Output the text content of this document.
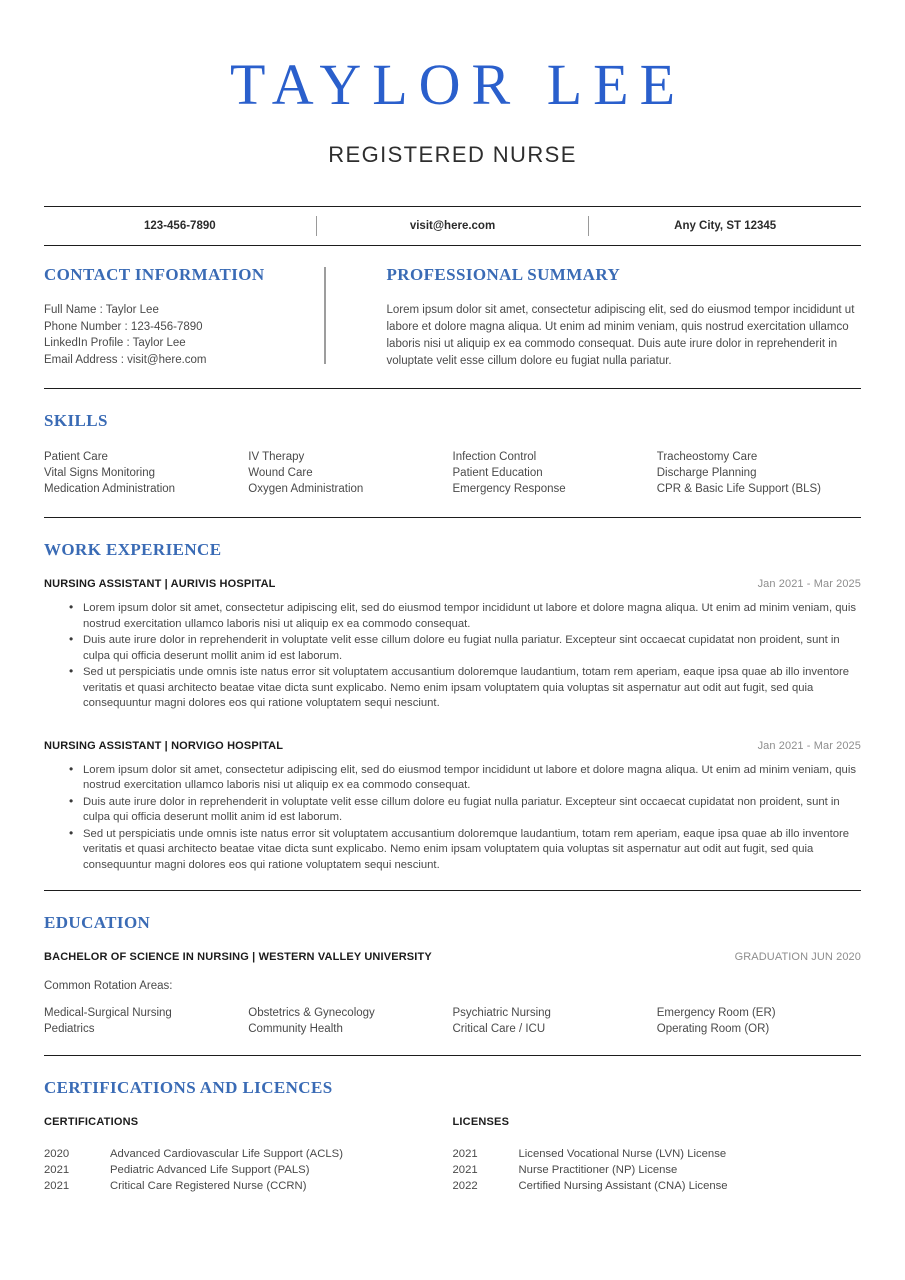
TAYLOR LEE
REGISTERED NURSE
123-456-7890	visit@here.com	Any City, ST 12345
CONTACT INFORMATION
Full Name : Taylor Lee
Phone Number : 123-456-7890
LinkedIn Profile : Taylor Lee
Email Address : visit@here.com
PROFESSIONAL SUMMARY

Lorem ipsum dolor sit amet, consectetur adipiscing elit, sed do eiusmod tempor incididunt ut labore et dolore magna aliqua. Ut enim ad minim veniam, quis nostrud exercitation ullamco laboris nisi ut aliquip ex ea commodo consequat. Duis aute irure dolor in reprehenderit in voluptate velit esse cillum dolore eu fugiat nulla pariatur.

SKILLS
Patient Care	IV Therapy	Infection Control	Tracheostomy Care
Vital Signs Monitoring	Wound Care	Patient Education	Discharge Planning
Medication Administration	Oxygen Administration	Emergency Response	CPR & Basic Life Support (BLS)
WORK EXPERIENCE
NURSING ASSISTANT | AURIVIS HOSPITAL	Jan 2021 - Mar 2025
• Lorem ipsum dolor sit amet, consectetur adipiscing elit, sed do eiusmod tempor incididunt ut labore et dolore magna aliqua. Ut enim ad minim veniam, quis nostrud exercitation ullamco laboris nisi ut aliquip ex ea commodo consequat.
• Duis aute irure dolor in reprehenderit in voluptate velit esse cillum dolore eu fugiat nulla pariatur. Excepteur sint occaecat cupidatat non proident, sunt in culpa qui officia deserunt mollit anim id est laborum.
• Sed ut perspiciatis unde omnis iste natus error sit voluptatem accusantium doloremque laudantium, totam rem aperiam, eaque ipsa quae ab illo inventore veritatis et quasi architecto beatae vitae dicta sunt explicabo. Nemo enim ipsam voluptatem quia voluptas sit aspernatur aut odit aut fugit, sed quia consequuntur magni dolores eos qui ratione voluptatem sequi nesciunt.
NURSING ASSISTANT | NORVIGO HOSPITAL	Jan 2021 - Mar 2025
• Lorem ipsum dolor sit amet, consectetur adipiscing elit, sed do eiusmod tempor incididunt ut labore et dolore magna aliqua. Ut enim ad minim veniam, quis nostrud exercitation ullamco laboris nisi ut aliquip ex ea commodo consequat.
• Duis aute irure dolor in reprehenderit in voluptate velit esse cillum dolore eu fugiat nulla pariatur. Excepteur sint occaecat cupidatat non proident, sunt in culpa qui officia deserunt mollit anim id est laborum.
• Sed ut perspiciatis unde omnis iste natus error sit voluptatem accusantium doloremque laudantium, totam rem aperiam, eaque ipsa quae ab illo inventore veritatis et quasi architecto beatae vitae dicta sunt explicabo. Nemo enim ipsam voluptatem quia voluptas sit aspernatur aut odit aut fugit, sed quia consequuntur magni dolores eos qui ratione voluptatem sequi nesciunt.
EDUCATION
BACHELOR OF SCIENCE IN NURSING | WESTERN VALLEY UNIVERSITY	GRADUATION JUN 2020
Common Rotation Areas:
Medical-Surgical Nursing	Obstetrics & Gynecology	Psychiatric Nursing	Emergency Room (ER)
Pediatrics	Community Health	Critical Care / ICU	Operating Room (OR)
CERTIFICATIONS AND LICENCES
CERTIFICATIONS
2020	Advanced Cardiovascular Life Support (ACLS)
2021	Pediatric Advanced Life Support (PALS)
2021	Critical Care Registered Nurse (CCRN)
LICENSES
2021	Licensed Vocational Nurse (LVN) License
2021	Nurse Practitioner (NP) License
2022	Certified Nursing Assistant (CNA) License
